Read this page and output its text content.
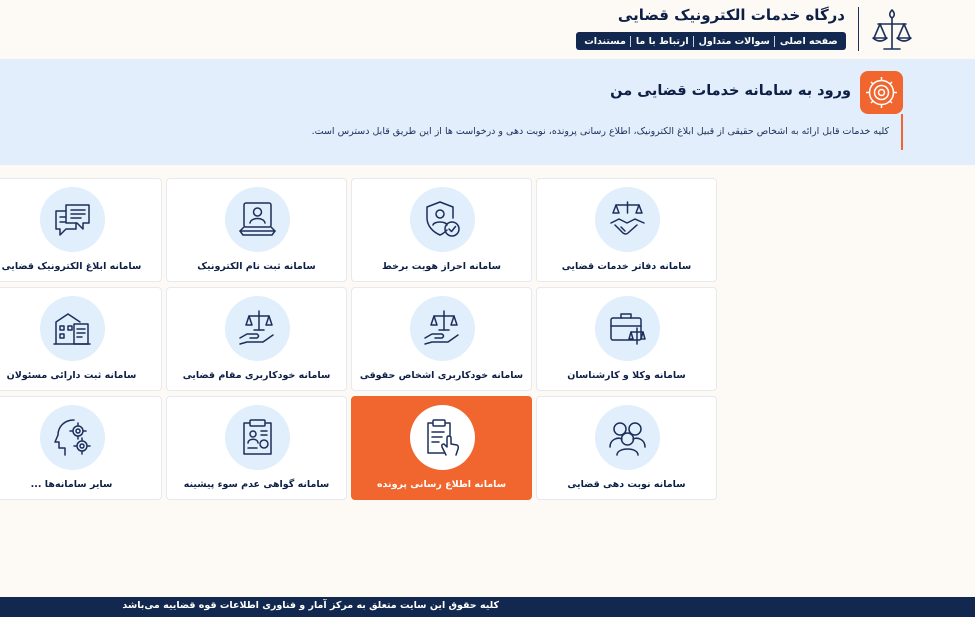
درگاه خدمات الکترونیک قضایی
صفحه اصلی
سوالات متداول
ارتباط با ما
مستندات
ورود به سامانه خدمات قضایی من
کلیه خدمات قابل ارائه به اشخاص حقیقی از قبیل ابلاغ الکترونیک، اطلاع رسانی پرونده، نوبت دهی و درخواست ها از این طریق قابل دسترس است.
سامانه دفاتر خدمات قضایی
سامانه احراز هویت برخط
سامانه ثبت نام الکترونیک
سامانه ابلاغ الکترونیک قضایی
سامانه وکلا و کارشناسان
سامانه خودکاربری اشخاص حقوقی
سامانه خودکاربری مقام قضایی
سامانه ثبت دارائی مسئولان
سامانه نوبت دهی قضایی
سامانه اطلاع رسانی پرونده
سامانه گواهی عدم سوء پیشینه
سایر سامانه‌ها ...
کلیه حقوق این سایت متعلق به مرکز آمار و فناوری اطلاعات قوه قضاییه می‌باشد
